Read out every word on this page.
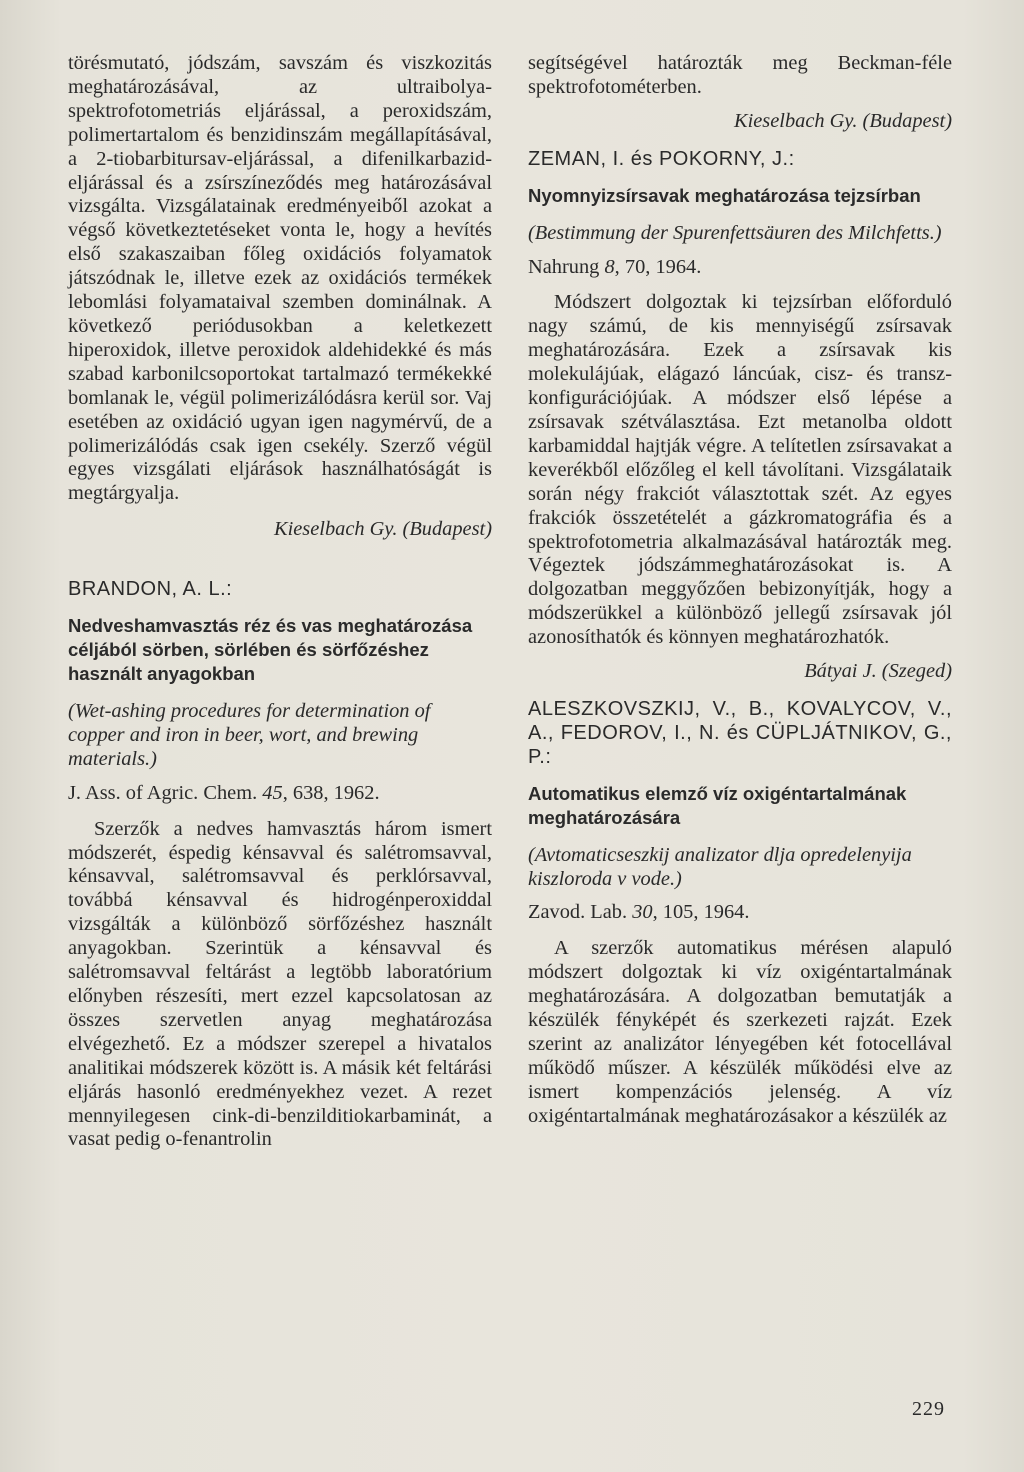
törésmutató, jódszám, savszám és viszkozitás meghatározásával, az ultraibolya-spektrofotometriás eljárással, a peroxidszám, polimertartalom és benzidinszám megállapításával, a 2-tiobarbitursav-eljárással, a difenilkarbazid-eljárással és a zsírszíneződés meg határozásával vizsgálta. Vizsgálatainak eredményeiből azokat a végső következtetéseket vonta le, hogy a hevítés első szakaszaiban főleg oxidációs folyamatok játszódnak le, illetve ezek az oxidációs termékek lebomlási folyamataival szemben dominálnak. A következő periódusokban a keletkezett hiperoxidok, illetve peroxidok aldehidekké és más szabad karbonilcsoportokat tartalmazó termékekké bomlanak le, végül polimerizálódásra kerül sor. Vaj esetében az oxidáció ugyan igen nagymérvű, de a polimerizálódás csak igen csekély. Szerző végül egyes vizsgálati eljárások használhatóságát is megtárgyalja.

Kieselbach Gy. (Budapest)

BRANDON, A. L.:

Nedveshamvasztás réz és vas meghatározása céljából sörben, sörlében és sörfőzéshez használt anyagokban

(Wet-ashing procedures for determination of copper and iron in beer, wort, and brewing materials.)

J. Ass. of Agric. Chem. 45, 638, 1962.

Szerzők a nedves hamvasztás három ismert módszerét, éspedig kénsavval és salétromsavval, kénsavval, salétromsavval és perklórsavval, továbbá kénsavval és hidrogénperoxiddal vizsgálták a különböző sörfőzéshez használt anyagokban. Szerintük a kénsavval és salétromsavval feltárást a legtöbb laboratórium előnyben részesíti, mert ezzel kapcsolatosan az összes szervetlen anyag meghatározása elvégezhető. Ez a módszer szerepel a hivatalos analitikai módszerek között is. A másik két feltárási eljárás hasonló eredményekhez vezet. A rezet mennyilegesen cink-di-benzilditiokarbaminát, a vasat pedig o-fenantrolin

segítségével határozták meg Beckman-féle spektrofotométerben.

Kieselbach Gy. (Budapest)

ZEMAN, I. és POKORNY, J.:

Nyomnyizsírsavak meghatározása tejzsírban

(Bestimmung der Spurenfettsäuren des Milchfetts.)

Nahrung 8, 70, 1964.

Módszert dolgoztak ki tejzsírban előforduló nagy számú, de kis mennyiségű zsírsavak meghatározására. Ezek a zsírsavak kis molekulájúak, elágazó láncúak, cisz- és transz-konfigurációjúak. A módszer első lépése a zsírsavak szétválasztása. Ezt metanolba oldott karbamiddal hajtják végre. A telítetlen zsírsavakat a keverékből előzőleg el kell távolítani. Vizsgálataik során négy frakciót választottak szét. Az egyes frakciók összetételét a gázkromatográfia és a spektrofotometria alkalmazásával határozták meg. Végeztek jódszámmeghatározásokat is. A dolgozatban meggyőzően bebizonyítják, hogy a módszerükkel a különböző jellegű zsírsavak jól azonosíthatók és könnyen meghatározhatók.

Bátyai J. (Szeged)

ALESZKOVSZKIJ, V., B., KOVALYCOV, V., A., FEDOROV, I., N. és CÜPLJÁTNIKOV, G., P.:

Automatikus elemző víz oxigéntartalmának meghatározására

(Avtomaticseszkij analizator dlja opredelenyija kiszloroda v vode.)

Zavod. Lab. 30, 105, 1964.

A szerzők automatikus mérésen alapuló módszert dolgoztak ki víz oxigéntartalmának meghatározására. A dolgozatban bemutatják a készülék fényképét és szerkezeti rajzát. Ezek szerint az analizátor lényegében két fotocellával működő műszer. A készülék működési elve az ismert kompenzációs jelenség. A víz oxigéntartalmának meghatározásakor a készülék az

229
